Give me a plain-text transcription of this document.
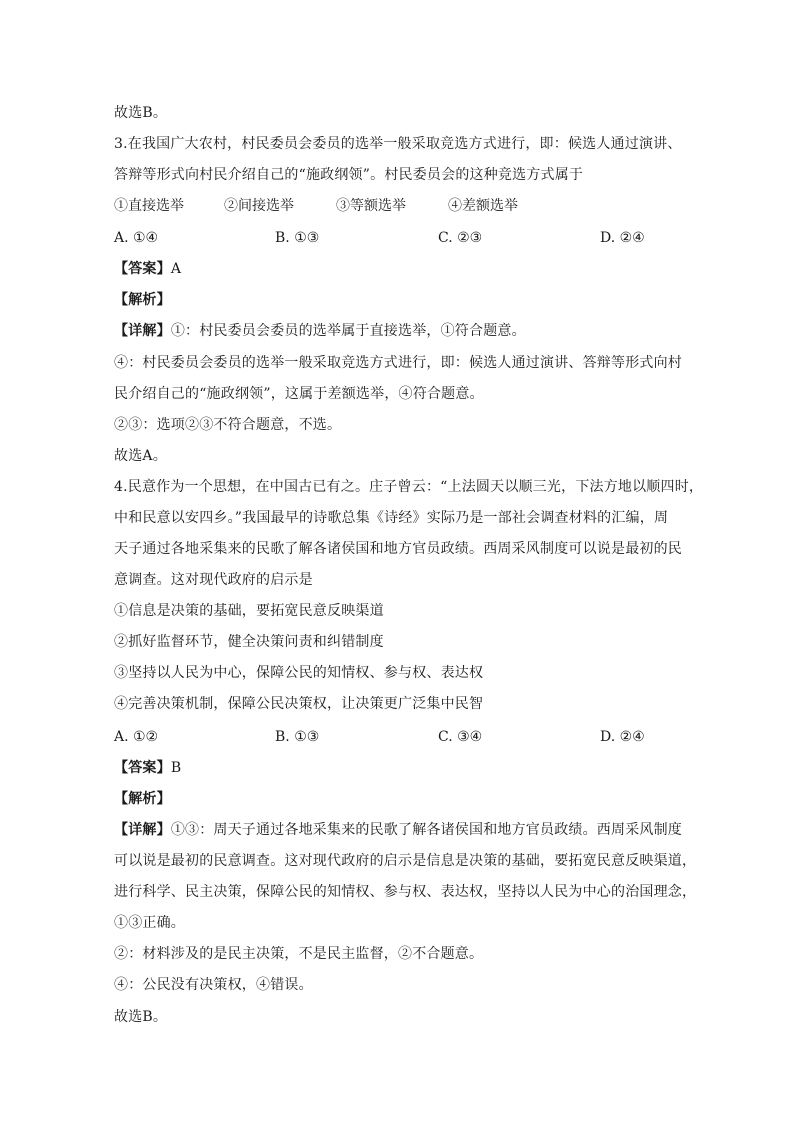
故选B。
3.在我国广大农村，村民委员会委员的选举一般采取竞选方式进行，即：候选人通过演讲、
答辩等形式向村民介绍自己的“施政纲领”。村民委员会的这种竞选方式属于
①直接选举	②间接选举	③等额选举	④差额选举
A. ①④	B. ①③	C. ②③	D. ②④
【答案】A
【解析】
【详解】①：村民委员会委员的选举属于直接选举，①符合题意。
④：村民委员会委员的选举一般采取竞选方式进行，即：候选人通过演讲、答辩等形式向村
民介绍自己的“施政纲领”，这属于差额选举，④符合题意。
②③：选项②③不符合题意，不选。
故选A。
4.民意作为一个思想，在中国古已有之。庄子曾云：“上法圆天以顺三光，下法方地以顺四时，
中和民意以安四乡。”我国最早的诗歌总集《诗经》实际乃是一部社会调查材料的汇编，周
天子通过各地采集来的民歌了解各诸侯国和地方官员政绩。西周采风制度可以说是最初的民
意调查。这对现代政府的启示是
①信息是决策的基础，要拓宽民意反映渠道
②抓好监督环节，健全决策问责和纠错制度
③坚持以人民为中心，保障公民的知情权、参与权、表达权
④完善决策机制，保障公民决策权，让决策更广泛集中民智
A. ①②	B. ①③	C. ③④	D. ②④
【答案】B
【解析】
【详解】①③：周天子通过各地采集来的民歌了解各诸侯国和地方官员政绩。西周采风制度
可以说是最初的民意调查。这对现代政府的启示是信息是决策的基础，要拓宽民意反映渠道，
进行科学、民主决策，保障公民的知情权、参与权、表达权，坚持以人民为中心的治国理念，
①③正确。
②：材料涉及的是民主决策，不是民主监督，②不合题意。
④：公民没有决策权，④错误。
故选B。
